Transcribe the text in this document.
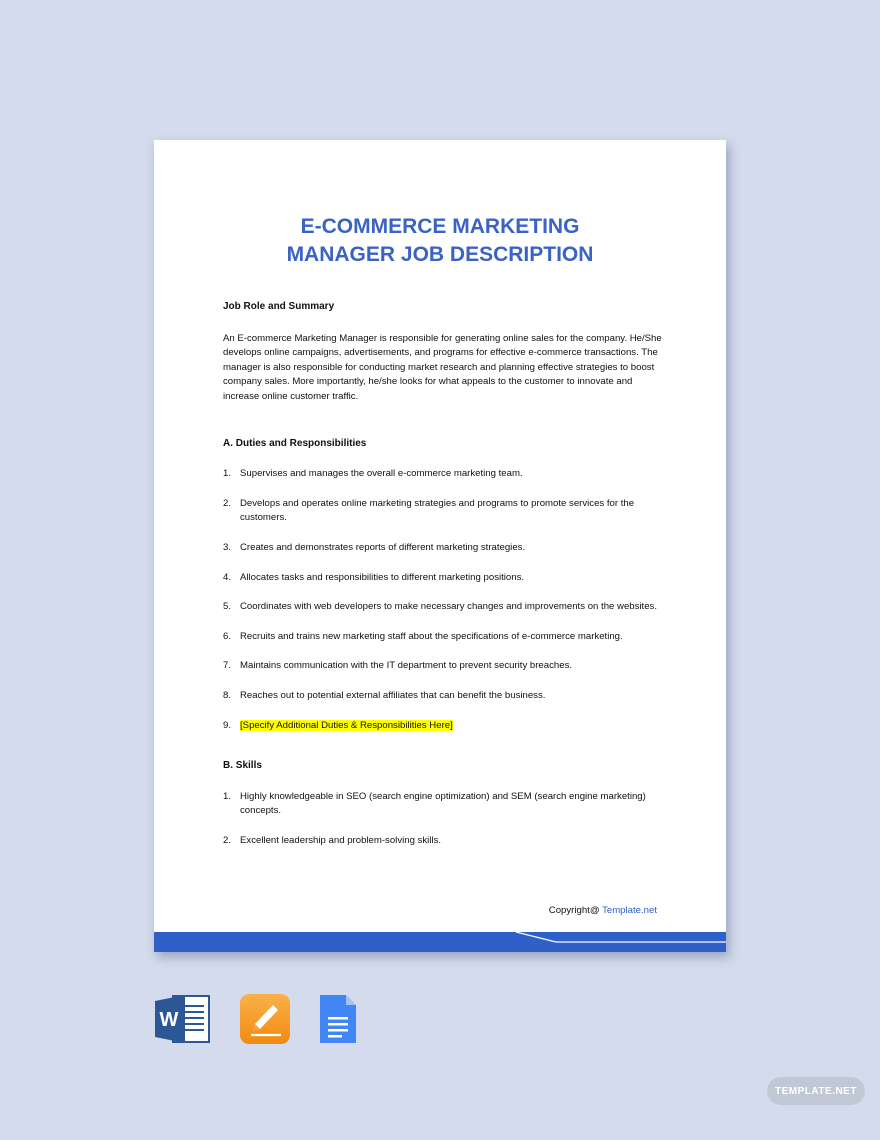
E-COMMERCE MARKETING
MANAGER JOB DESCRIPTION
Job Role and Summary
An E-commerce Marketing Manager is responsible for generating online sales for the company. He/She develops online campaigns, advertisements, and programs for effective e-commerce transactions. The manager is also responsible for conducting market research and planning effective strategies to boost company sales. More importantly, he/she looks for what appeals to the customer to innovate and increase online customer traffic.
A. Duties and Responsibilities
1. Supervises and manages the overall e-commerce marketing team.
2. Develops and operates online marketing strategies and programs to promote services for the customers.
3. Creates and demonstrates reports of different marketing strategies.
4. Allocates tasks and responsibilities to different marketing positions.
5. Coordinates with web developers to make necessary changes and improvements on the websites.
6. Recruits and trains new marketing staff about the specifications of e-commerce marketing.
7. Maintains communication with the IT department to prevent security breaches.
8. Reaches out to potential external affiliates that can benefit the business.
9. [Specify Additional Duties & Responsibilities Here]
B. Skills
1. Highly knowledgeable in SEO (search engine optimization) and SEM (search engine marketing) concepts.
2. Excellent leadership and problem-solving skills.
Copyright@ Template.net
W
TEMPLATE.NET
